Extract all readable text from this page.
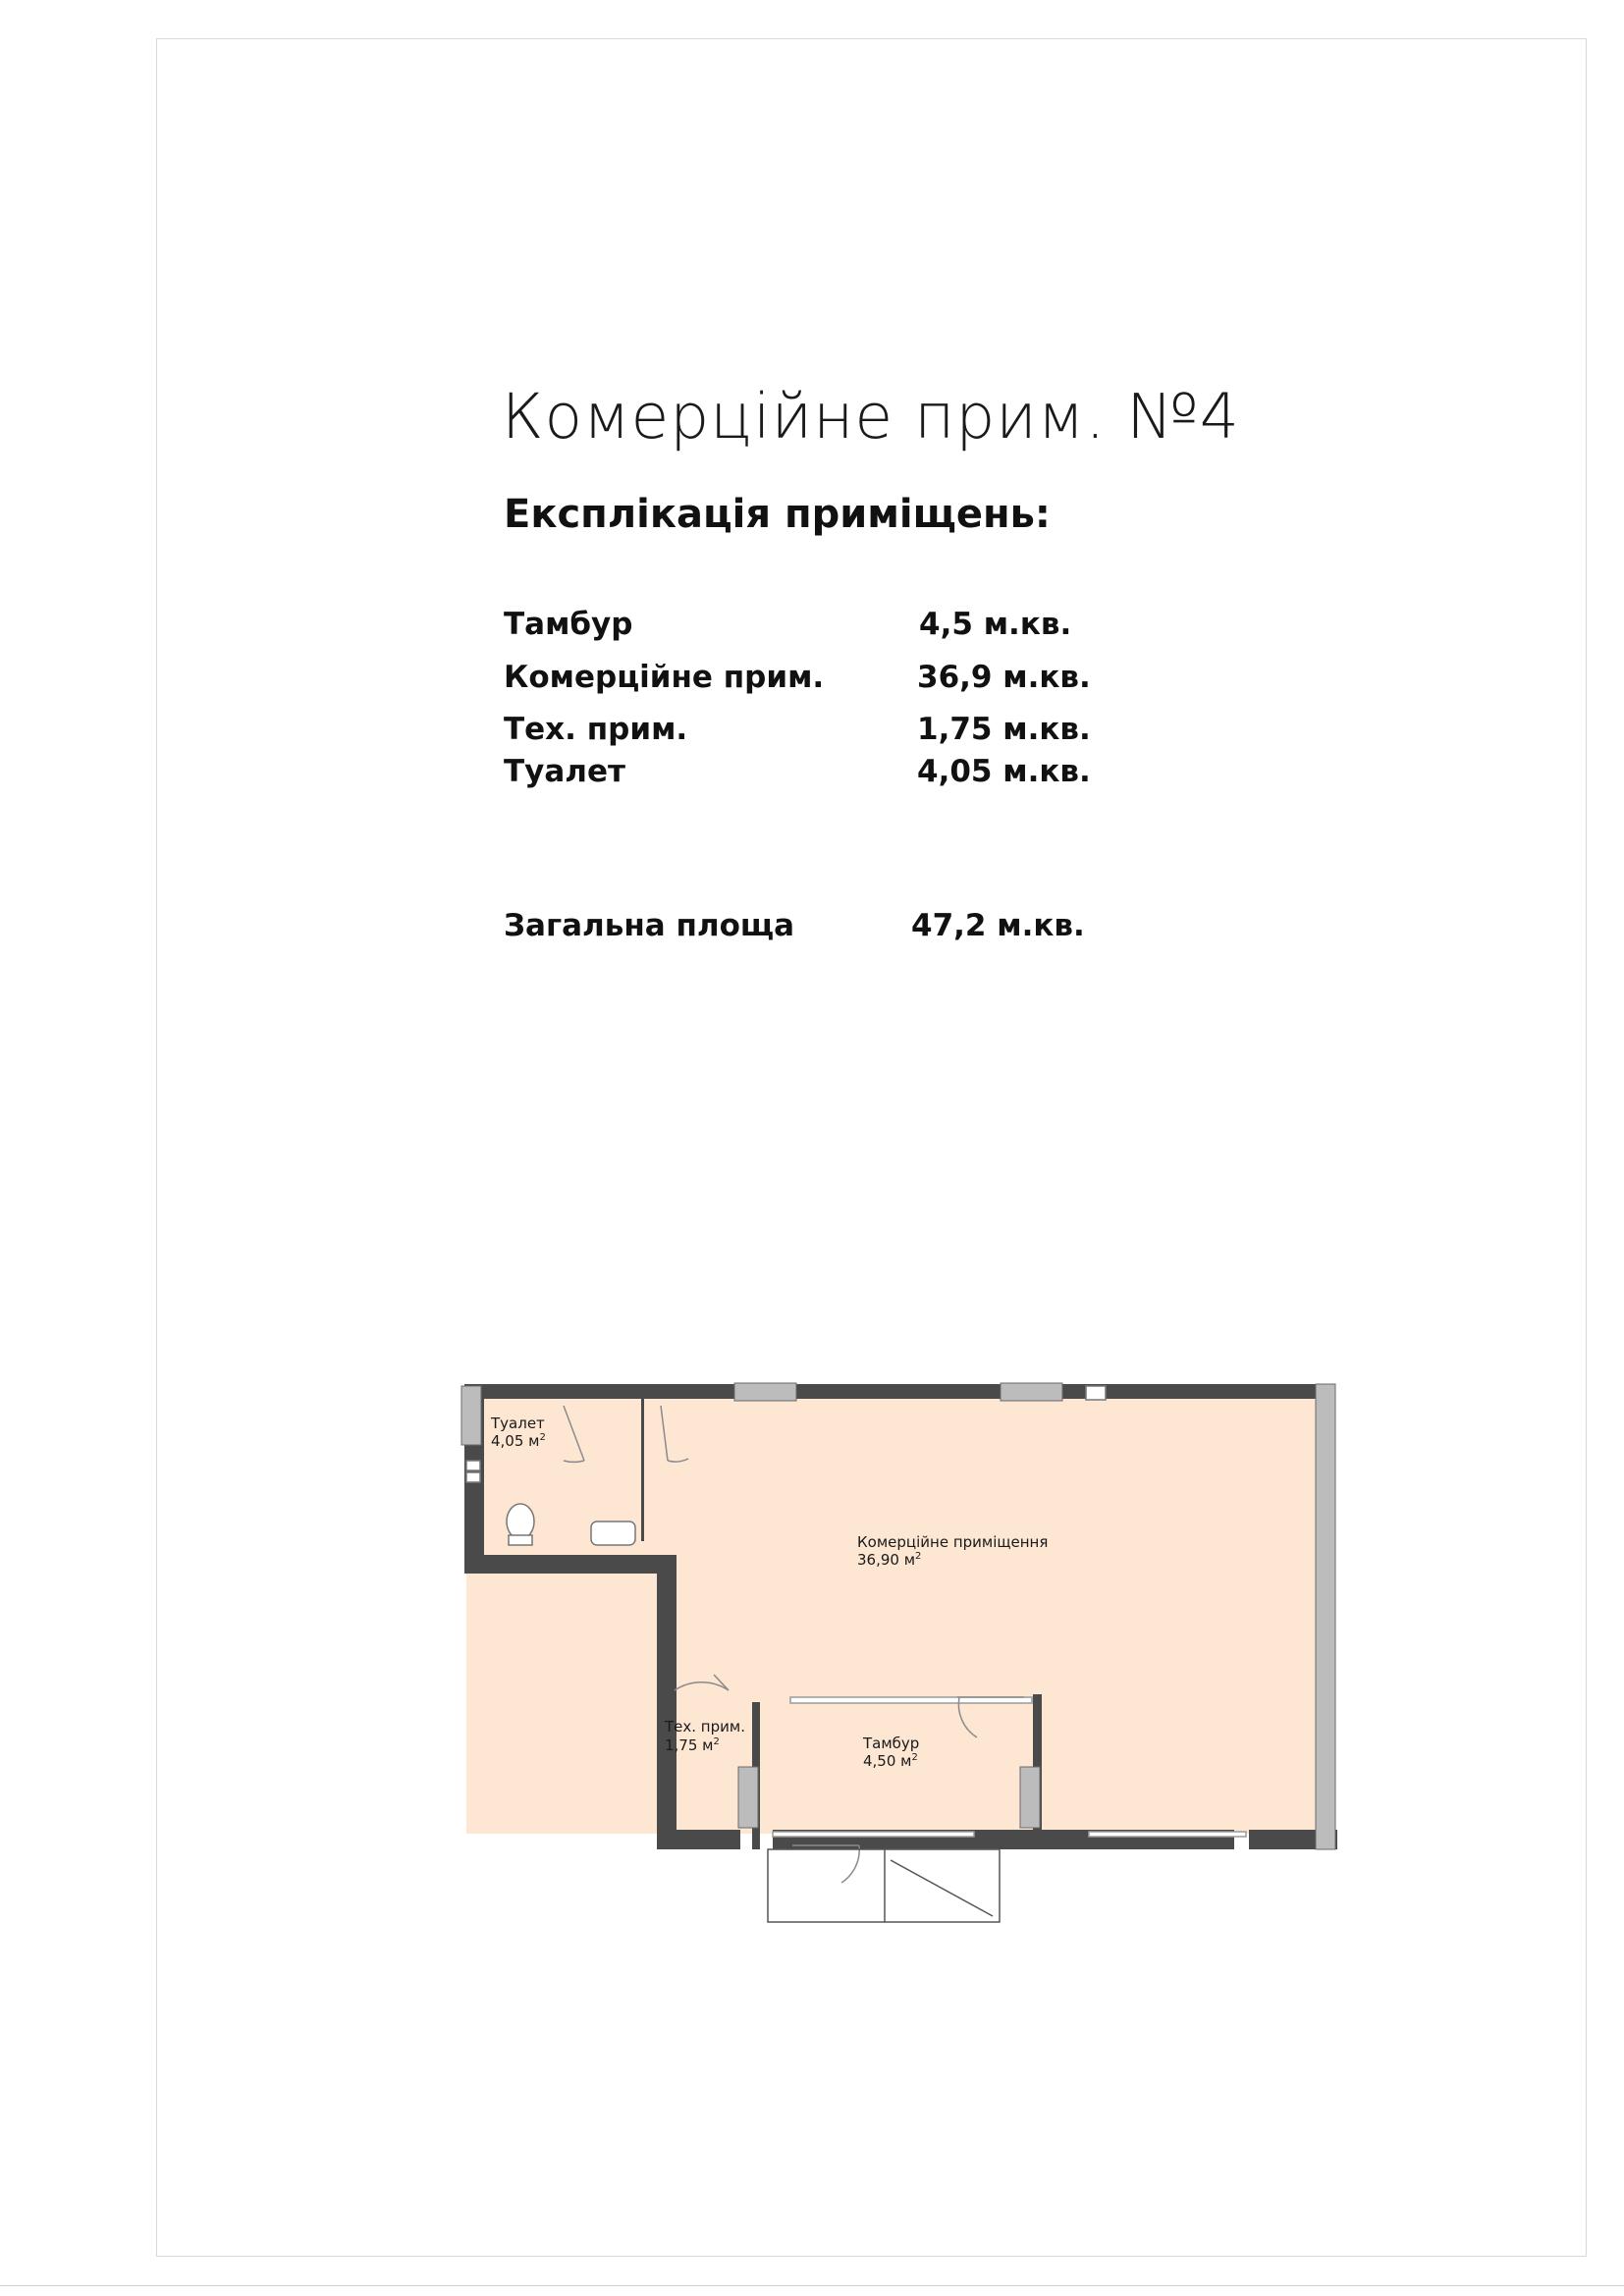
Комерційне прим. №4
Експлікація приміщень:
Тамбур	4,5 м.кв.
Комерційне прим.	36,9 м.кв.
Тех. прим.	1,75 м.кв.
Туалет	4,05 м.кв.
Загальна площа	47,2 м.кв.
Туалет
4,05 $м^2$
Комерційне приміщення
36,90 $м^2$
Тех. прим.
1,75 $м^2$	Тамбур
4,50 $м^2$
